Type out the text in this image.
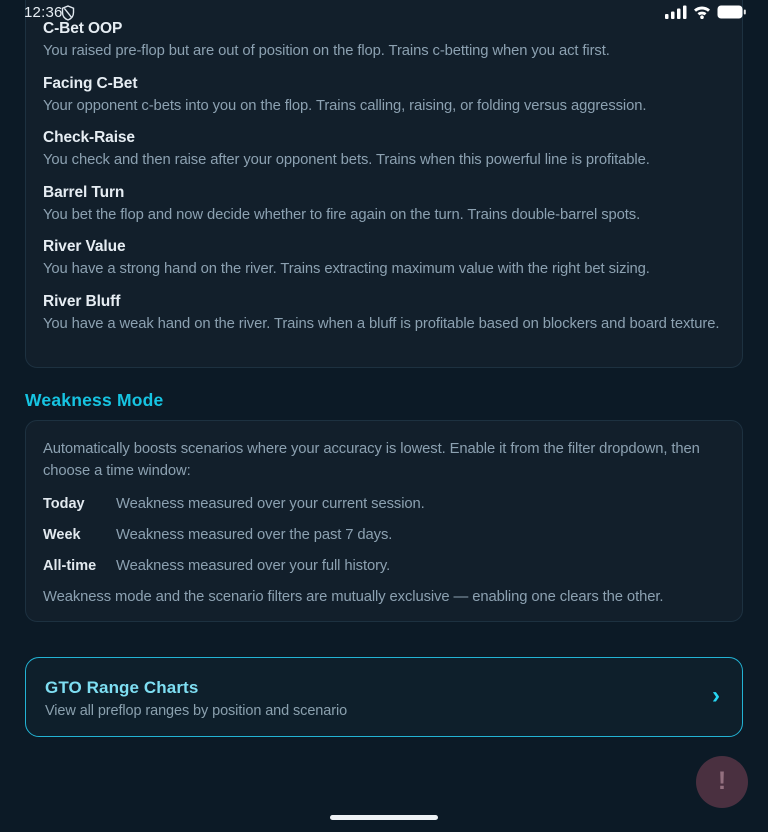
12:36
C-Bet OOP

You raised pre-flop but are out of position on the flop. Trains c-betting when you act first.

Facing C-Bet

Your opponent c-bets into you on the flop. Trains calling, raising, or folding versus aggression.

Check-Raise

You check and then raise after your opponent bets. Trains when this powerful line is profitable.

Barrel Turn

You bet the flop and now decide whether to fire again on the turn. Trains double-barrel spots.

River Value

You have a strong hand on the river. Trains extracting maximum value with the right bet sizing.

River Bluff

You have a weak hand on the river. Trains when a bluff is profitable based on blockers and board texture.

Weakness Mode

Automatically boosts scenarios where your accuracy is lowest. Enable it from the filter dropdown, then choose a time window:

Today	Weakness measured over your current session.
Week	Weakness measured over the past 7 days.
All-time	Weakness measured over your full history.

Weakness mode and the scenario filters are mutually exclusive — enabling one clears the other.

GTO Range Charts
View all preflop ranges by position and scenario
›
!
